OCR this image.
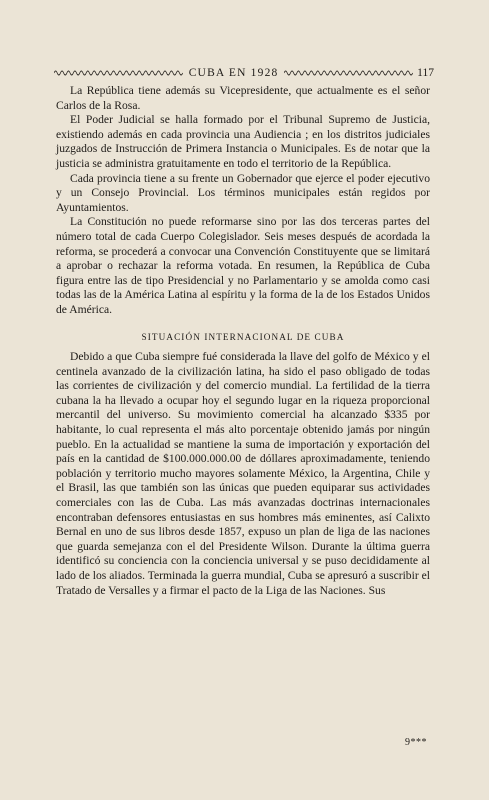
CUBA EN 1928	117

La República tiene además su Vicepresidente, que actualmente es el señor Carlos de la Rosa.

El Poder Judicial se halla formado por el Tribunal Supremo de Justicia, existiendo además en cada provincia una Audiencia ; en los distritos judiciales juzgados de Instrucción de Primera Instancia o Municipales. Es de notar que la justicia se administra gratuitamente en todo el territorio de la República.

Cada provincia tiene a su frente un Gobernador que ejerce el poder ejecutivo y un Consejo Provincial. Los términos municipales están regidos por Ayuntamientos.

La Constitución no puede reformarse sino por las dos terceras partes del número total de cada Cuerpo Colegislador. Seis meses después de acordada la reforma, se procederá a convocar una Convención Constituyente que se limitará a aprobar o rechazar la reforma votada. En resumen, la República de Cuba figura entre las de tipo Presidencial y no Parlamentario y se amolda como casi todas las de la América Latina al espíritu y la forma de la de los Estados Unidos de América.

SITUACIÓN INTERNACIONAL DE CUBA

Debido a que Cuba siempre fué considerada la llave del golfo de México y el centinela avanzado de la civilización latina, ha sido el paso obligado de todas las corrientes de civilización y del comercio mundial. La fertilidad de la tierra cubana la ha llevado a ocupar hoy el segundo lugar en la riqueza proporcional mercantil del universo. Su movimiento comercial ha alcanzado $335 por habitante, lo cual representa el más alto porcentaje obtenido jamás por ningún pueblo. En la actualidad se mantiene la suma de importación y exportación del país en la cantidad de $100.000.000.00 de dóllares aproximadamente, teniendo población y territorio mucho mayores solamente México, la Argentina, Chile y el Brasil, las que también son las únicas que pueden equiparar sus actividades comerciales con las de Cuba. Las más avanzadas doctrinas internacionales encontraban defensores entusiastas en sus hombres más eminentes, así Calixto Bernal en uno de sus libros desde 1857, expuso un plan de liga de las naciones que guarda semejanza con el del Presidente Wilson. Durante la última guerra identificó su conciencia con la conciencia universal y se puso decididamente al lado de los aliados. Terminada la guerra mundial, Cuba se apresuró a suscribir el Tratado de Versalles y a firmar el pacto de la Liga de las Naciones. Sus

9***
